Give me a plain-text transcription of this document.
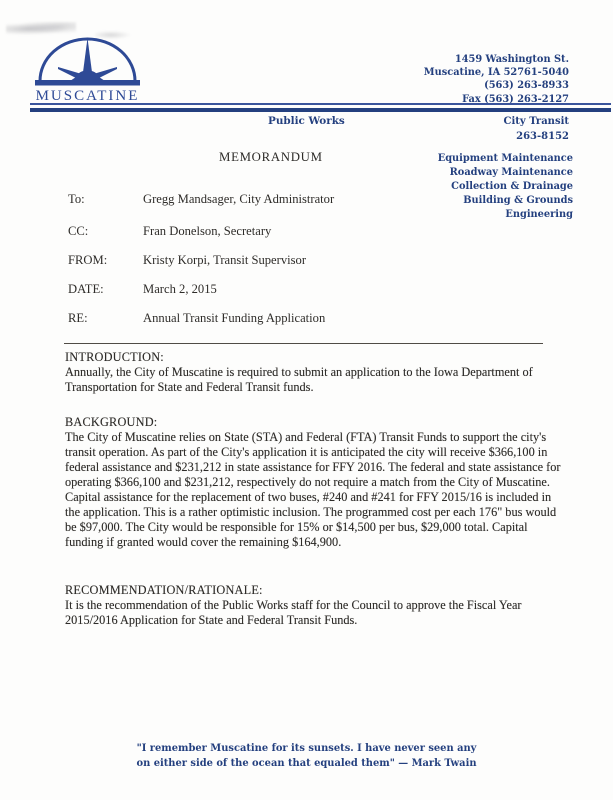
MUSCATINE
1459 Washington St.
Muscatine, IA 52761-5040
(563) 263-8933
Fax (563) 263-2127
Public Works	City Transit
263-8152
Equipment Maintenance
Roadway Maintenance
Collection & Drainage
Building & Grounds
Engineering
MEMORANDUM
To:	Gregg Mandsager, City Administrator
CC:	Fran Donelson, Secretary
FROM:	Kristy Korpi, Transit Supervisor
DATE:	March 2, 2015
RE:	Annual Transit Funding Application
INTRODUCTION:

Annually, the City of Muscatine is required to submit an application to the Iowa Department of Transportation for State and Federal Transit funds.

BACKGROUND:

The City of Muscatine relies on State (STA) and Federal (FTA) Transit Funds to support the city's transit operation. As part of the City's application it is anticipated the city will receive $366,100 in federal assistance and $231,212 in state assistance for FFY 2016. The federal and state assistance for operating $366,100 and $231,212, respectively do not require a match from the City of Muscatine.

Capital assistance for the replacement of two buses, #240 and #241 for FFY 2015/16 is included in the application. This is a rather optimistic inclusion. The programmed cost per each 176" bus would be $97,000. The City would be responsible for 15% or $14,500 per bus, $29,000 total. Capital funding if granted would cover the remaining $164,900.

RECOMMENDATION/RATIONALE:

It is the recommendation of the Public Works staff for the Council to approve the Fiscal Year 2015/2016 Application for State and Federal Transit Funds.

"I remember Muscatine for its sunsets. I have never seen any
on either side of the ocean that equaled them" — Mark Twain
